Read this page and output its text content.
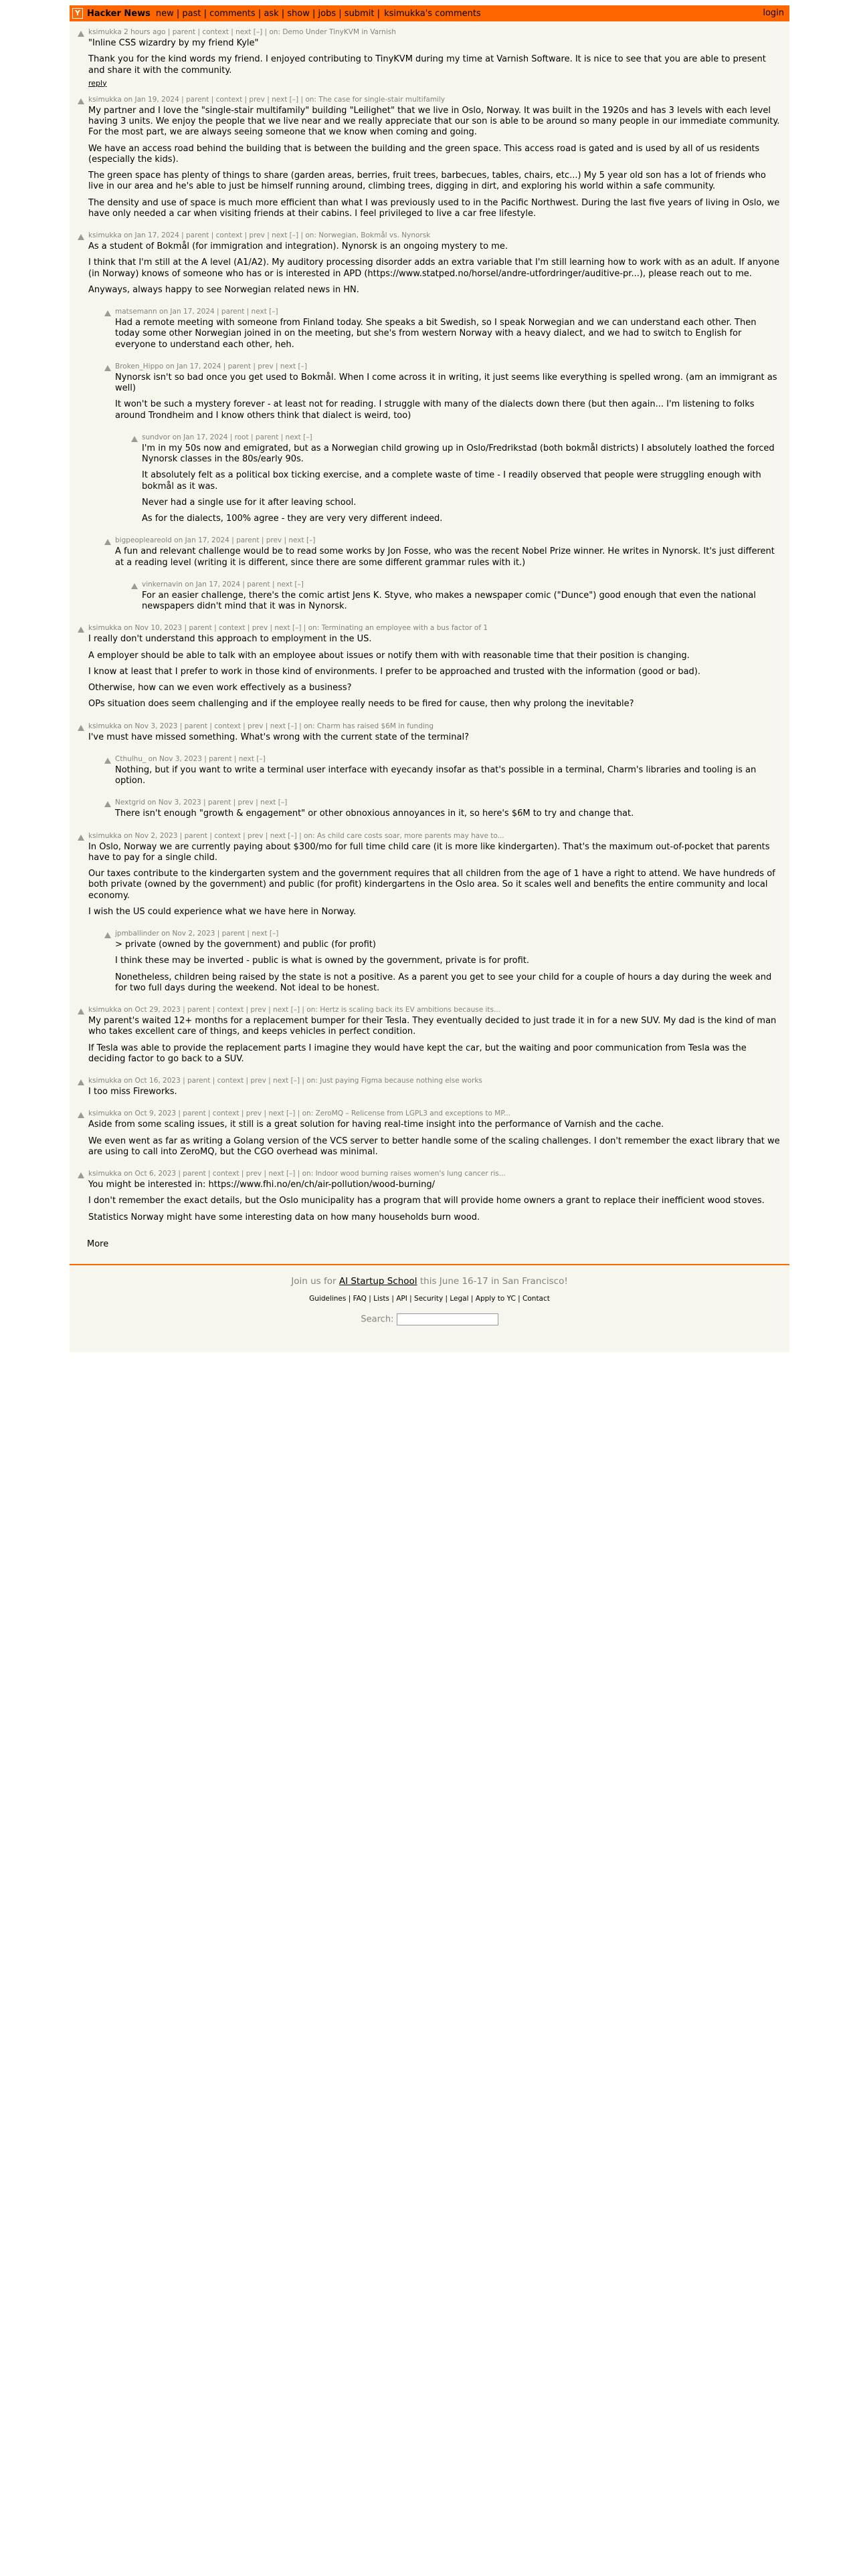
Y Hacker News new | past | comments | ask | show | jobs | submit | ksimukka's comments	login
ksimukka 2 hours ago | parent | context | next [–] | on: Demo Under TinyKVM in Varnish

"Inline CSS wizardry by my friend Kyle"

Thank you for the kind words my friend. I enjoyed contributing to TinyKVM during my time at Varnish Software. It is nice to see that you are able to present and share it with the community.

reply
ksimukka on Jan 19, 2024 | parent | context | prev | next [–] | on: The case for single-stair multifamily

My partner and I love the "single-stair multifamily" building "Leilighet" that we live in Oslo, Norway. It was built in the 1920s and has 3 levels with each level having 3 units. We enjoy the people that we live near and we really appreciate that our son is able to be around so many people in our immediate community. For the most part, we are always seeing someone that we know when coming and going.

We have an access road behind the building that is between the building and the green space. This access road is gated and is used by all of us residents (especially the kids).

The green space has plenty of things to share (garden areas, berries, fruit trees, barbecues, tables, chairs, etc...) My 5 year old son has a lot of friends who live in our area and he's able to just be himself running around, climbing trees, digging in dirt, and exploring his world within a safe community.

The density and use of space is much more efficient than what I was previously used to in the Pacific Northwest. During the last five years of living in Oslo, we have only needed a car when visiting friends at their cabins. I feel privileged to live a car free lifestyle.

ksimukka on Jan 17, 2024 | parent | context | prev | next [–] | on: Norwegian, Bokmål vs. Nynorsk

As a student of Bokmål (for immigration and integration). Nynorsk is an ongoing mystery to me.

I think that I'm still at the A level (A1/A2). My auditory processing disorder adds an extra variable that I'm still learning how to work with as an adult. If anyone (in Norway) knows of someone who has or is interested in APD (https://www.statped.no/horsel/andre-utfordringer/auditive-pr...), please reach out to me.

Anyways, always happy to see Norwegian related news in HN.

matsemann on Jan 17, 2024 | parent | next [–]

Had a remote meeting with someone from Finland today. She speaks a bit Swedish, so I speak Norwegian and we can understand each other. Then today some other Norwegian joined in on the meeting, but she's from western Norway with a heavy dialect, and we had to switch to English for everyone to understand each other, heh.

Broken_Hippo on Jan 17, 2024 | parent | prev | next [–]

Nynorsk isn't so bad once you get used to Bokmål. When I come across it in writing, it just seems like everything is spelled wrong. (am an immigrant as well)

It won't be such a mystery forever - at least not for reading. I struggle with many of the dialects down there (but then again... I'm listening to folks around Trondheim and I know others think that dialect is weird, too)

sundvor on Jan 17, 2024 | root | parent | next [–]

I'm in my 50s now and emigrated, but as a Norwegian child growing up in Oslo/Fredrikstad (both bokmål districts) I absolutely loathed the forced Nynorsk classes in the 80s/early 90s.

It absolutely felt as a political box ticking exercise, and a complete waste of time - I readily observed that people were struggling enough with bokmål as it was.

Never had a single use for it after leaving school.

As for the dialects, 100% agree - they are very very different indeed.

bigpeopleareold on Jan 17, 2024 | parent | prev | next [–]

A fun and relevant challenge would be to read some works by Jon Fosse, who was the recent Nobel Prize winner. He writes in Nynorsk. It's just different at a reading level (writing it is different, since there are some different grammar rules with it.)

vinkernavin on Jan 17, 2024 | parent | next [–]

For an easier challenge, there's the comic artist Jens K. Styve, who makes a newspaper comic ("Dunce") good enough that even the national newspapers didn't mind that it was in Nynorsk.

ksimukka on Nov 10, 2023 | parent | context | prev | next [–] | on: Terminating an employee with a bus factor of 1

I really don't understand this approach to employment in the US.

A employer should be able to talk with an employee about issues or notify them with with reasonable time that their position is changing.

I know at least that I prefer to work in those kind of environments. I prefer to be approached and trusted with the information (good or bad).

Otherwise, how can we even work effectively as a business?

OPs situation does seem challenging and if the employee really needs to be fired for cause, then why prolong the inevitable?

ksimukka on Nov 3, 2023 | parent | context | prev | next [–] | on: Charm has raised $6M in funding

I've must have missed something. What's wrong with the current state of the terminal?

Cthulhu_ on Nov 3, 2023 | parent | next [–]

Nothing, but if you want to write a terminal user interface with eyecandy insofar as that's possible in a terminal, Charm's libraries and tooling is an option.

Nextgrid on Nov 3, 2023 | parent | prev | next [–]

There isn't enough "growth & engagement" or other obnoxious annoyances in it, so here's $6M to try and change that.

ksimukka on Nov 2, 2023 | parent | context | prev | next [–] | on: As child care costs soar, more parents may have to...

In Oslo, Norway we are currently paying about $300/mo for full time child care (it is more like kindergarten). That's the maximum out-of-pocket that parents have to pay for a single child.

Our taxes contribute to the kindergarten system and the government requires that all children from the age of 1 have a right to attend. We have hundreds of both private (owned by the government) and public (for profit) kindergartens in the Oslo area. So it scales well and benefits the entire community and local economy.

I wish the US could experience what we have here in Norway.

jpmballinder on Nov 2, 2023 | parent | next [–]

> private (owned by the government) and public (for profit)

I think these may be inverted - public is what is owned by the government, private is for profit.

Nonetheless, children being raised by the state is not a positive. As a parent you get to see your child for a couple of hours a day during the week and for two full days during the weekend. Not ideal to be honest.

ksimukka on Oct 29, 2023 | parent | context | prev | next [–] | on: Hertz is scaling back its EV ambitions because its...

My parent's waited 12+ months for a replacement bumper for their Tesla. They eventually decided to just trade it in for a new SUV. My dad is the kind of man who takes excellent care of things, and keeps vehicles in perfect condition.

If Tesla was able to provide the replacement parts I imagine they would have kept the car, but the waiting and poor communication from Tesla was the deciding factor to go back to a SUV.

ksimukka on Oct 16, 2023 | parent | context | prev | next [–] | on: Just paying Figma because nothing else works

I too miss Fireworks.

ksimukka on Oct 9, 2023 | parent | context | prev | next [–] | on: ZeroMQ – Relicense from LGPL3 and exceptions to MP...

Aside from some scaling issues, it still is a great solution for having real-time insight into the performance of Varnish and the cache.

We even went as far as writing a Golang version of the VCS server to better handle some of the scaling challenges. I don't remember the exact library that we are using to call into ZeroMQ, but the CGO overhead was minimal.

ksimukka on Oct 6, 2023 | parent | context | prev | next [–] | on: Indoor wood burning raises women's lung cancer ris...

You might be interested in: https://www.fhi.no/en/ch/air-pollution/wood-burning/

I don't remember the exact details, but the Oslo municipality has a program that will provide home owners a grant to replace their inefficient wood stoves.

Statistics Norway might have some interesting data on how many households burn wood.

More
Join us for AI Startup School this June 16-17 in San Francisco!
Guidelines | FAQ | Lists | API | Security | Legal | Apply to YC | Contact
Search:
